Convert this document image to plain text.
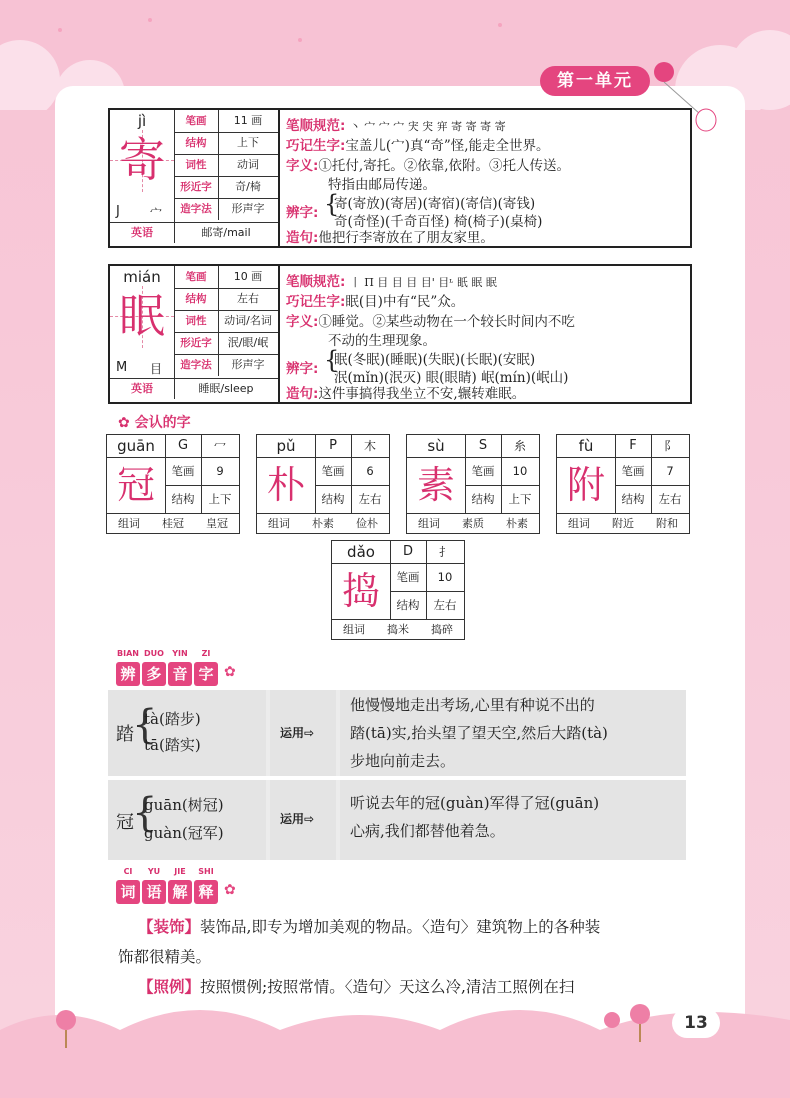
第一单元
jì
寄
J	宀
笔画	11 画
结构	上下
词性	动词
形近字	奇/椅
造字法	形声字
英语	邮寄/mail
笔顺规范: 丶 宀 宀 宀 宊 宊 宑 寄 寄 寄 寄
巧记生字:宝盖儿(宀)真“奇”怪,能走全世界。
字义:①托付,寄托。②依靠,依附。③托人传送。
特指由邮局传递。
辨字: {
寄(寄放)(寄居)(寄宿)(寄信)(寄钱)
奇(奇怪)(千奇百怪) 椅(椅子)(桌椅)
造句:他把行李寄放在了朋友家里。
mián
眠
M 目
笔画	10 画
结构	左右
词性	动词/名词
形近字	泯/眼/岷
造字法	形声字
英语	睡眠/sleep
笔顺规范: 丨 Π 目 目 目 目' 目ᶫ 眂 眠 眠
巧记生字:眠(目)中有“民”众。
字义:①睡觉。②某些动物在一个较长时间内不吃
不动的生理现象。
辨字: {
眠(冬眠)(睡眠)(失眠)(长眠)(安眠)
泯(mǐn)(泯灭) 眼(眼睛) 岷(mín)(岷山)
造句:这件事搞得我坐立不安,辗转难眠。
✿ 会认的字
guān	G	冖
冠	笔画	9
结构	上下
组词	桂冠	皇冠
pǔ	P	木
朴	笔画	6
结构	左右
组词	朴素	俭朴
sù	S	糸
素	笔画	10
结构	上下
组词	素质	朴素
fù	F	阝
附	笔画	7
结构	左右
组词	附近	附和
dǎo	D	扌
捣	笔画	10
结构	左右
组词	捣米	捣碎
BIAN
辨
DUO
多
YIN
音
ZI
字 ✿
踏
{
tà(踏步)
tā(踏实)
运用⇨
他慢慢地走出考场,心里有种说不出的
踏(tā)实,抬头望了望天空,然后大踏(tà)
步地向前走去。
冠
{
guān(树冠)
guàn(冠军)
运用⇨
听说去年的冠(guàn)军得了冠(guān)
心病,我们都替他着急。
CI
词
YU
语
JIE
解
SHI
释 ✿
【装饰】装饰品,即专为增加美观的物品。〈造句〉建筑物上的各种装
饰都很精美。
【照例】按照惯例;按照常情。〈造句〉天这么冷,清洁工照例在扫
13
